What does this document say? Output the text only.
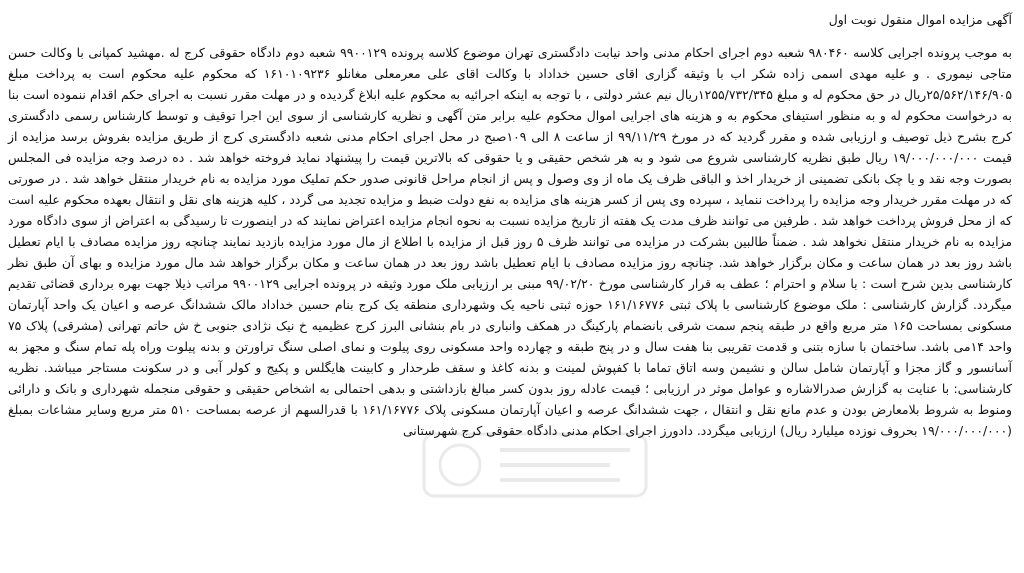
آگهی مزایده اموال منقول نوبت اول

به موجب پرونده اجرایی کلاسه ۹۸۰۴۶۰ شعبه دوم اجرای احکام مدنی واحد نیابت دادگستری تهران موضوع کلاسه پرونده ۹۹۰۰۱۲۹ شعبه دوم دادگاه حقوقی کرج له .مهشید کمپانی با وکالت حسن متاجی نیموری . و علیه مهدی اسمی زاده شکر اب با وثیقه گزاری اقای حسین خداداد با وکالت اقای علی معرمعلی مغانلو ۱۶۱۰۱۰۹۲۳۶ که محکوم علیه محکوم است به پرداخت مبلغ ۲۵/۵۶۲/۱۴۶/۹۰۵ریال در حق محکوم له و مبلغ ۱۲۵۵/۷۳۲/۳۴۵ریال نیم عشر دولتی ، با توجه به اینکه اجرائیه به محکوم علیه ابلاغ گردیده و در مهلت مقرر نسبت به اجرای حکم اقدام ننموده است بنا به درخواست محکوم له و به منظور استیفای محکوم به و هزینه های اجرایی اموال محکوم علیه برابر متن آگهی و نظریه کارشناسی از سوی این اجرا توقیف و توسط کارشناس رسمی دادگستری کرج بشرح ذیل توصیف و ارزیابی شده و مقرر گردید که در مورخ ۹۹/۱۱/۲۹ از ساعت ۸ الی ۱۰۹صبح در محل اجرای احکام مدنی شعبه دادگستری کرج از طریق مزایده بفروش برسد مزایده از قیمت ۱۹/۰۰۰/۰۰۰/۰۰۰ ریال طبق نظریه کارشناسی شروع می شود و به هر شخص حقیقی و یا حقوقی که بالاترین قیمت را پیشنهاد نماید فروخته خواهد شد . ده درصد وجه مزایده فی المجلس بصورت وجه نقد و یا چک بانکی تضمینی از خریدار اخذ و الباقی ظرف یک ماه از وی وصول و پس از انجام مراحل قانونی صدور حکم تملیک مورد مزایده به نام خریدار منتقل خواهد شد . در صورتی که در مهلت مقرر خریدار وجه مزایده را پرداخت ننماید ، سپرده وی پس از کسر هزینه های مزایده به نفع دولت ضبط و مزایده تجدید می گردد ، کلیه هزینه های نقل و انتقال بعهده محکوم علیه است که از محل فروش پرداخت خواهد شد . طرفین می توانند ظرف مدت یک هفته از تاریخ مزایده نسبت به نحوه انجام مزایده اعتراض نمایند که در اینصورت تا رسیدگی به اعتراض از سوی دادگاه مورد مزایده به نام خریدار منتقل نخواهد شد . ضمناً طالبین بشرکت در مزایده می توانند ظرف ۵ روز قبل از مزایده با اطلاع از مال مورد مزایده بازدید نمایند چنانچه روز مزایده مصادف با ایام تعطیل باشد روز بعد در همان ساعت و مکان برگزار خواهد شد. چنانچه روز مزایده مصادف با ایام تعطیل باشد روز بعد در همان ساعت و مکان برگزار خواهد شد مال مورد مزایده و بهای آن طبق نظر کارشناسی بدین شرح است : با سلام و احترام ؛ عطف به قرار کارشناسی مورخ ۹۹/۰۲/۲۰ مبنی بر ارزیابی ملک مورد وثیقه در پرونده اجرایی ۹۹۰۰۱۲۹ مراتب ذیلا جهت بهره برداری قضائی تقدیم میگردد. گزارش کارشناسی : ملک موضوع کارشناسی با پلاک ثبتی ۱۶۱/۱۶۷۷۶ حوزه ثبتی ناحیه یک وشهرداری منطقه یک کرج بنام حسین خداداد مالک ششدانگ عرصه و اعیان یک واحد آپارتمان مسکونی بمساحت ۱۶۵ متر مربع واقع در طبقه پنجم سمت شرقی بانضمام پارکینگ در همکف وانباری در بام بنشانی البرز کرج عظیمیه خ نیک نژادی جنوبی خ ش حاتم تهرانی (مشرقی) پلاک ۷۵ واحد ۱۴می باشد. ساختمان با سازه بتنی و قدمت تقریبی بنا هفت سال و در پنج طبقه و چهارده واحد مسکونی روی پیلوت و نمای اصلی سنگ تراورتن و بدنه پیلوت وراه پله تمام سنگ و مجهز به آسانسور و گاز مجزا و آپارتمان شامل سالن و نشیمن وسه اتاق تماما با کفپوش لمینت و بدنه کاغذ و سقف طرحدار و کابینت هایگلس و پکیج و کولر آبی و در سکونت مستاجر میباشد. نظریه کارشناسی: با عنایت به گزارش صدرالاشاره و عوامل موثر در ارزیابی ؛ قیمت عادله روز بدون کسر مبالغ بازداشتی و بدهی احتمالی به اشخاص حقیقی و حقوقی منجمله شهرداری و بانک و دارائی ومنوط به شروط بلامعارض بودن و عدم مانع نقل و انتقال ، جهت ششدانگ عرصه و اعیان آپارتمان مسکونی پلاک ۱۶۱/۱۶۷۷۶ با قدرالسهم از عرصه بمساحت ۵۱۰ متر مربع وسایر مشاعات بمبلغ (۱۹/۰۰۰/۰۰۰/۰۰۰ بحروف نوزده میلیارد ریال) ارزیابی میگردد. دادورز اجرای احکام مدنی دادگاه حقوقی کرج شهرستانی
